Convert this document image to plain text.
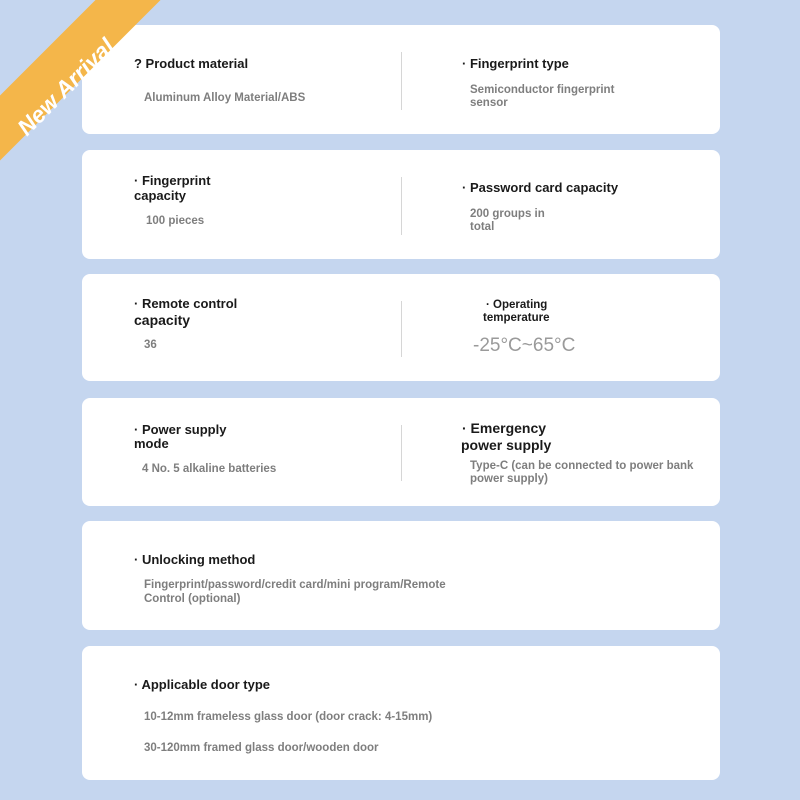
? Product material
Aluminum Alloy Material/ABS
· Fingerprint type
Semiconductor fingerprint
sensor
· Fingerprint
capacity
100 pieces
· Password card capacity
200 groups in
total
· Remote control
capacity
36
· Operating
temperature
-25°C~65°C
· Power supply
mode
4 No. 5 alkaline batteries
· Emergency
power supply
Type-C (can be connected to power bank
power supply)
· Unlocking method
Fingerprint/password/credit card/mini program/Remote
Control (optional)
· Applicable door type
10-12mm frameless glass door (door crack: 4-15mm)
30-120mm framed glass door/wooden door
New Arrival
